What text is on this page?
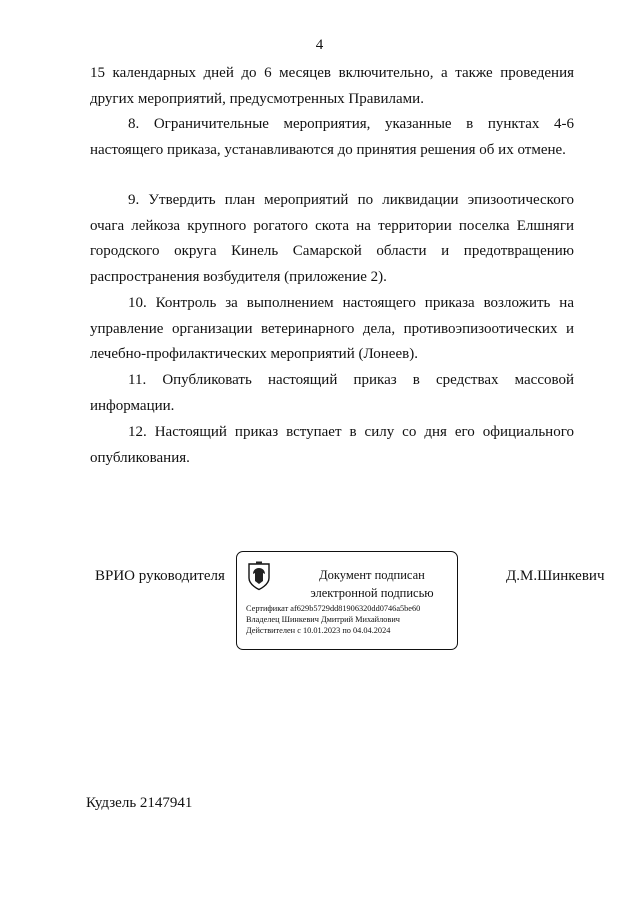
4
15 календарных дней до 6 месяцев включительно, а также проведения других мероприятий, предусмотренных Правилами.
8. Ограничительные мероприятия, указанные в пунктах 4-6 настоящего приказа, устанавливаются до принятия решения об их отмене.
9. Утвердить план мероприятий по ликвидации эпизоотического очага лейкоза крупного рогатого скота на территории поселка Елшняги городского округа Кинель Самарской области и предотвращению распространения возбудителя (приложение 2).
10. Контроль за выполнением настоящего приказа возложить на управление организации ветеринарного дела, противоэпизоотических и лечебно-профилактических мероприятий (Лонеев).
11. Опубликовать настоящий приказ в средствах массовой информации.
12. Настоящий приказ вступает в силу со дня его официального опубликования.
ВРИО руководителя	Документ подписан
электронной подписью
Сертификат af629b5729dd81906320dd0746a5be60
Владелец Шинкевич Дмитрий Михайлович
Действителен с 10.01.2023 по 04.04.2024
Д.М.Шинкевич
Кудзель 2147941
